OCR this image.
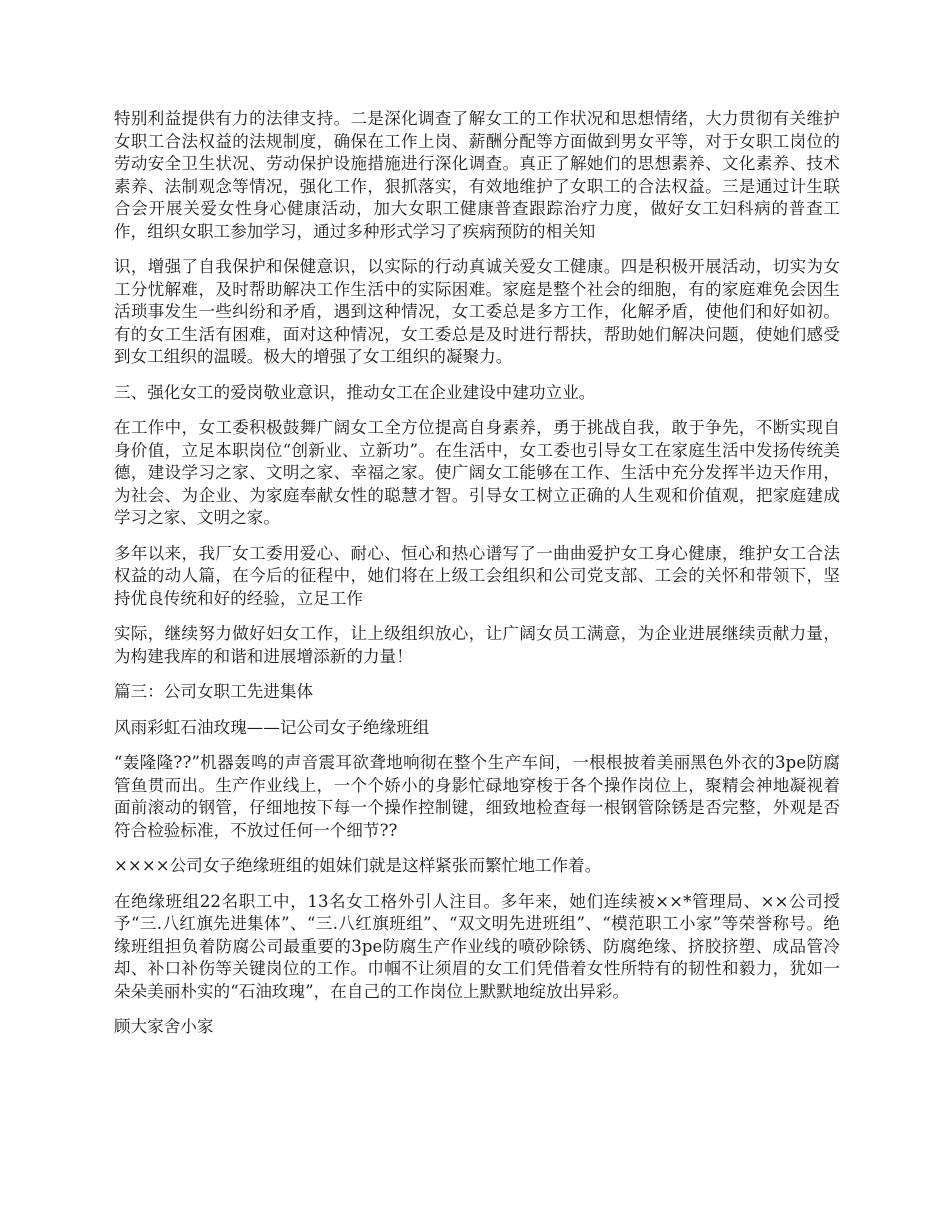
特别利益提供有力的法律支持。二是深化调查了解女工的工作状况和思想情绪，大力贯彻有关维护女职工合法权益的法规制度，确保在工作上岗、薪酬分配等方面做到男女平等，对于女职工岗位的劳动安全卫生状况、劳动保护设施措施进行深化调查。真正了解她们的思想素养、文化素养、技术素养、法制观念等情况，强化工作，狠抓落实，有效地维护了女职工的合法权益。三是通过计生联合会开展关爱女性身心健康活动，加大女职工健康普查跟踪治疗力度，做好女工妇科病的普查工作，组织女职工参加学习，通过多种形式学习了疾病预防的相关知

识，增强了自我保护和保健意识，以实际的行动真诚关爱女工健康。四是积极开展活动，切实为女工分忧解难，及时帮助解决工作生活中的实际困难。家庭是整个社会的细胞，有的家庭难免会因生活琐事发生一些纠纷和矛盾，遇到这种情况，女工委总是多方工作，化解矛盾，使他们和好如初。有的女工生活有困难，面对这种情况，女工委总是及时进行帮扶，帮助她们解决问题，使她们感受到女工组织的温暖。极大的增强了女工组织的凝聚力。

三、强化女工的爱岗敬业意识，推动女工在企业建设中建功立业。

在工作中，女工委积极鼓舞广阔女工全方位提高自身素养，勇于挑战自我，敢于争先，不断实现自身价值，立足本职岗位“创新业、立新功”。在生活中，女工委也引导女工在家庭生活中发扬传统美德，建设学习之家、文明之家、幸福之家。使广阔女工能够在工作、生活中充分发挥半边天作用，为社会、为企业、为家庭奉献女性的聪慧才智。引导女工树立正确的人生观和价值观，把家庭建成学习之家、文明之家。

多年以来，我厂女工委用爱心、耐心、恒心和热心谱写了一曲曲爱护女工身心健康，维护女工合法权益的动人篇，在今后的征程中，她们将在上级工会组织和公司党支部、工会的关怀和带领下，坚持优良传统和好的经验，立足工作

实际，继续努力做好妇女工作，让上级组织放心，让广阔女员工满意，为企业进展继续贡献力量，为构建我库的和谐和进展增添新的力量！

篇三：公司女职工先进集体

风雨彩虹石油玫瑰——记公司女子绝缘班组

“轰隆隆??”机器轰鸣的声音震耳欲聋地响彻在整个生产车间，一根根披着美丽黑色外衣的3pe防腐管鱼贯而出。生产作业线上，一个个娇小的身影忙碌地穿梭于各个操作岗位上，聚精会神地凝视着面前滚动的钢管，仔细地按下每一个操作控制键，细致地检查每一根钢管除锈是否完整，外观是否符合检验标准，不放过任何一个细节??

××××公司女子绝缘班组的姐妹们就是这样紧张而繁忙地工作着。

在绝缘班组22名职工中，13名女工格外引人注目。多年来，她们连续被××*管理局、××公司授予“三.八红旗先进集体”、“三.八红旗班组”、“双文明先进班组”、“模范职工小家”等荣誉称号。绝缘班组担负着防腐公司最重要的3pe防腐生产作业线的喷砂除锈、防腐绝缘、挤胶挤塑、成品管冷却、补口补伤等关键岗位的工作。巾帼不让须眉的女工们凭借着女性所特有的韧性和毅力，犹如一朵朵美丽朴实的“石油玫瑰”，在自己的工作岗位上默默地绽放出异彩。

顾大家舍小家
